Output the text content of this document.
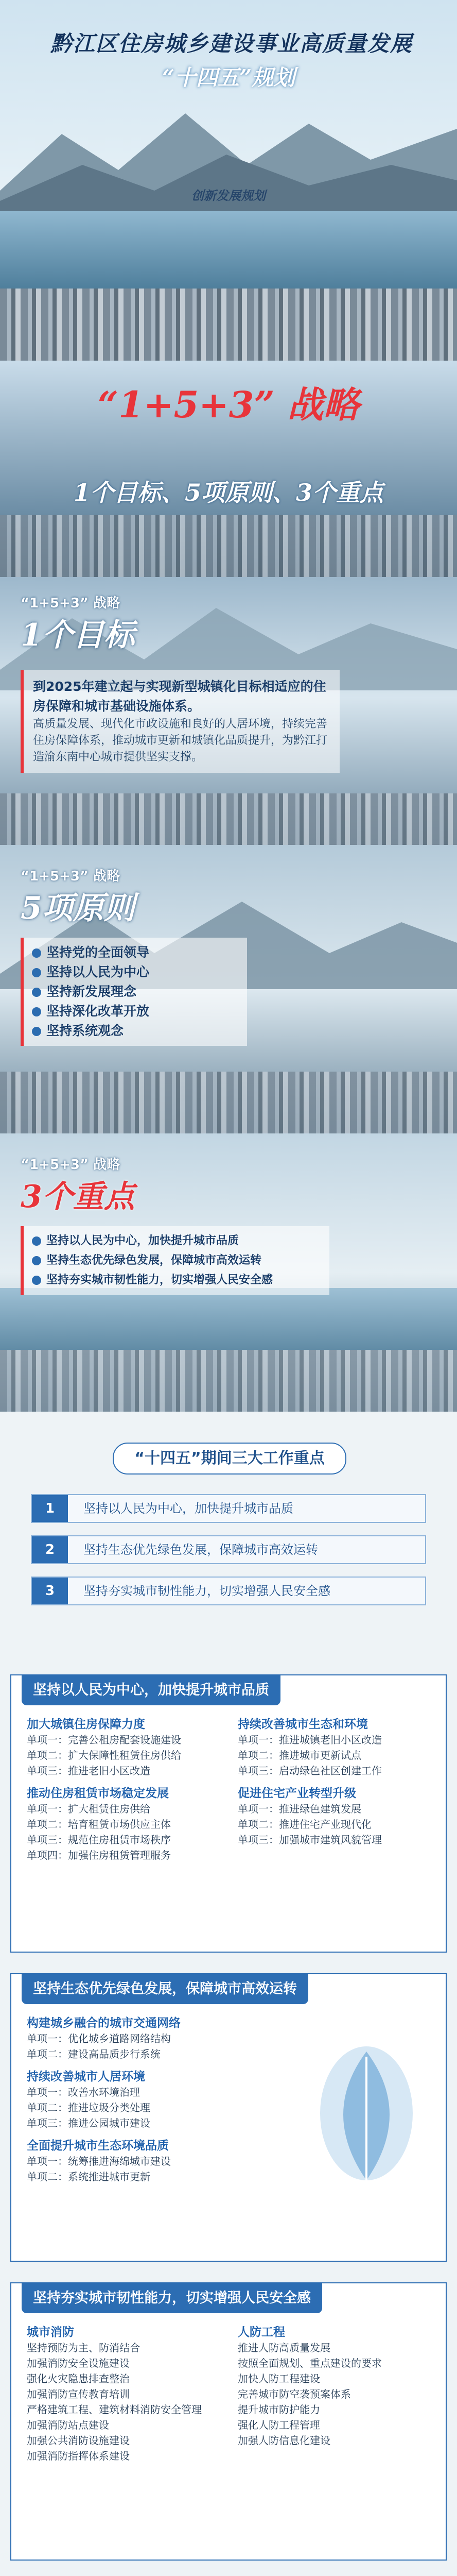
黔江区住房城乡建设事业高质量发展
“十四五”规划
创新发展规划
“1+5+3” 战略
1个目标、5项原则、3个重点
“1+5+3” 战略
1个目标

到2025年建立起与实现新型城镇化目标相适应的住房保障和城市基础设施体系。

高质量发展、现代化市政设施和良好的人居环境，持续完善住房保障体系，推动城市更新和城镇化品质提升，为黔江打造渝东南中心城市提供坚实支撑。

“1+5+3” 战略
5项原则
坚持党的全面领导
坚持以人民为中心
坚持新发展理念
坚持深化改革开放
坚持系统观念
“1+5+3” 战略
3个重点
坚持以人民为中心，加快提升城市品质
坚持生态优先绿色发展，保障城市高效运转
坚持夯实城市韧性能力，切实增强人民安全感
“十四五”期间三大工作重点
1	坚持以人民为中心，加快提升城市品质
2	坚持生态优先绿色发展，保障城市高效运转
3	坚持夯实城市韧性能力，切实增强人民安全感
坚持以人民为中心，加快提升城市品质
加大城镇住房保障力度
单项一：完善公租房配套设施建设
单项二：扩大保障性租赁住房供给
单项三：推进老旧小区改造
推动住房租赁市场稳定发展
单项一：扩大租赁住房供给
单项二：培育租赁市场供应主体
单项三：规范住房租赁市场秩序
单项四：加强住房租赁管理服务
持续改善城市生态和环境
单项一：推进城镇老旧小区改造
单项二：推进城市更新试点
单项三：启动绿色社区创建工作
促进住宅产业转型升级
单项一：推进绿色建筑发展
单项二：推进住宅产业现代化
单项三：加强城市建筑风貌管理
坚持生态优先绿色发展，保障城市高效运转
构建城乡融合的城市交通网络
单项一：优化城乡道路网络结构
单项二：建设高品质步行系统
持续改善城市人居环境
单项一：改善水环境治理
单项二：推进垃圾分类处理
单项三：推进公园城市建设
全面提升城市生态环境品质
单项一：统筹推进海绵城市建设
单项二：系统推进城市更新
坚持夯实城市韧性能力，切实增强人民安全感
城市消防
坚持预防为主、防消结合
加强消防安全设施建设
强化火灾隐患排查整治
加强消防宣传教育培训
严格建筑工程、建筑材料消防安全管理
加强消防站点建设
加强公共消防设施建设
加强消防指挥体系建设
人防工程
推进人防高质量发展
按照全面规划、重点建设的要求
加快人防工程建设
完善城市防空袭预案体系
提升城市防护能力
强化人防工程管理
加强人防信息化建设
